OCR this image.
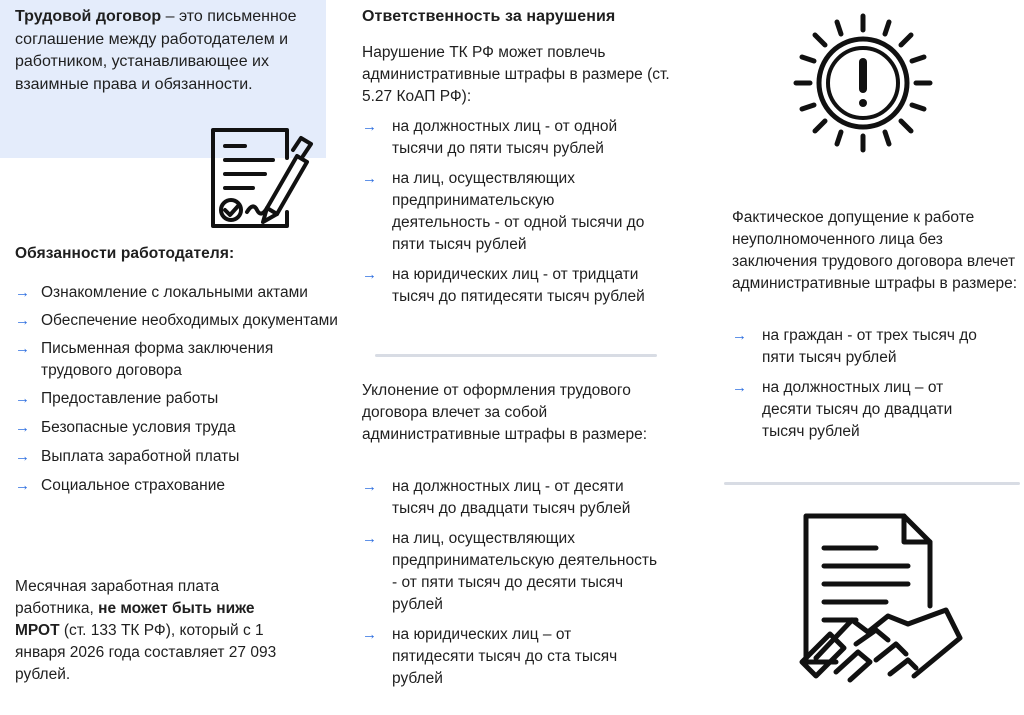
Трудовой договор – это письменное соглашение между работодателем и работником, устанавливающее их взаимные права и обязанности.
Обязанности работодателя:
→ Ознакомление с локальными актами
→ Обеспечение необходимых документами
→ Письменная форма заключения трудового договора
→ Предоставление работы
→ Безопасные условия труда
→ Выплата заработной платы
→ Социальное страхование
Месячная заработная плата работника, не может быть ниже МРОТ (ст. 133 ТК РФ), который с 1 января 2026 года составляет 27 093 рублей.
Ответственность за нарушения
Нарушение ТК РФ может повлечь административные штрафы в размере (ст. 5.27 КоАП РФ):
→ на должностных лиц - от одной тысячи до пяти тысяч рублей
→ на лиц, осуществляющих предпринимательскую деятельность - от одной тысячи до пяти тысяч рублей
→ на юридических лиц - от тридцати тысяч до пятидесяти тысяч рублей
Уклонение от оформления трудового договора влечет за собой административные штрафы в размере:
→ на должностных лиц - от десяти тысяч до двадцати тысяч рублей
→ на лиц, осуществляющих предпринимательскую деятельность - от пяти тысяч до десяти тысяч рублей
→ на юридических лиц – от пятидесяти тысяч до ста тысяч рублей
Фактическое допущение к работе неуполномоченного лица без заключения трудового договора влечет административные штрафы в размере:
→ на граждан - от трех тысяч до пяти тысяч рублей
→ на должностных лиц – от десяти тысяч до двадцати тысяч рублей
